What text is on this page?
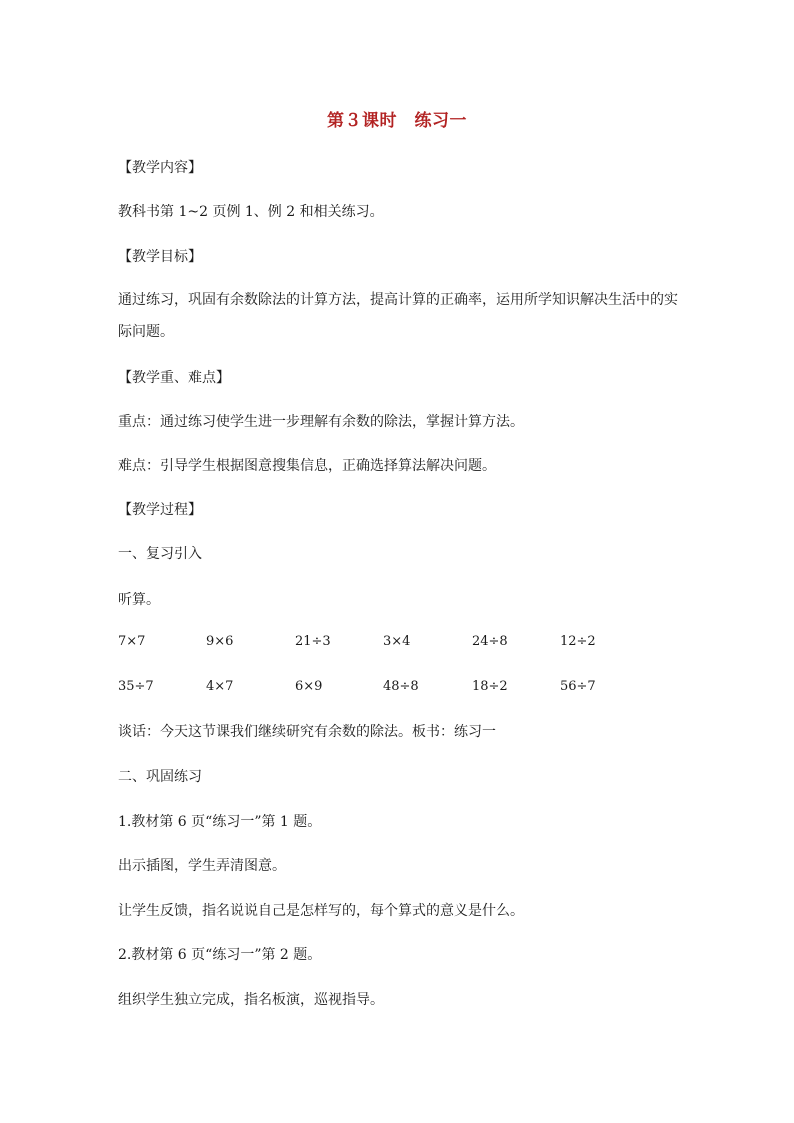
第３课时　练习一
【教学内容】
教科书第 1~2 页例 1、例 2 和相关练习。
【教学目标】
通过练习，巩固有余数除法的计算方法，提高计算的正确率，运用所学知识解决生活中的实际问题。
【教学重、难点】
重点：通过练习使学生进一步理解有余数的除法，掌握计算方法。
难点：引导学生根据图意搜集信息，正确选择算法解决问题。
【教学过程】
一、复习引入
听算。
7×7	9×6	21÷3	3×4	24÷8	12÷2
35÷7	4×7	6×9	48÷8	18÷2	56÷7
谈话：今天这节课我们继续研究有余数的除法。板书：练习一
二、巩固练习
1.教材第 6 页“练习一”第 1 题。
出示插图，学生弄清图意。
让学生反馈，指名说说自己是怎样写的，每个算式的意义是什么。
2.教材第 6 页“练习一”第 2 题。
组织学生独立完成，指名板演，巡视指导。
